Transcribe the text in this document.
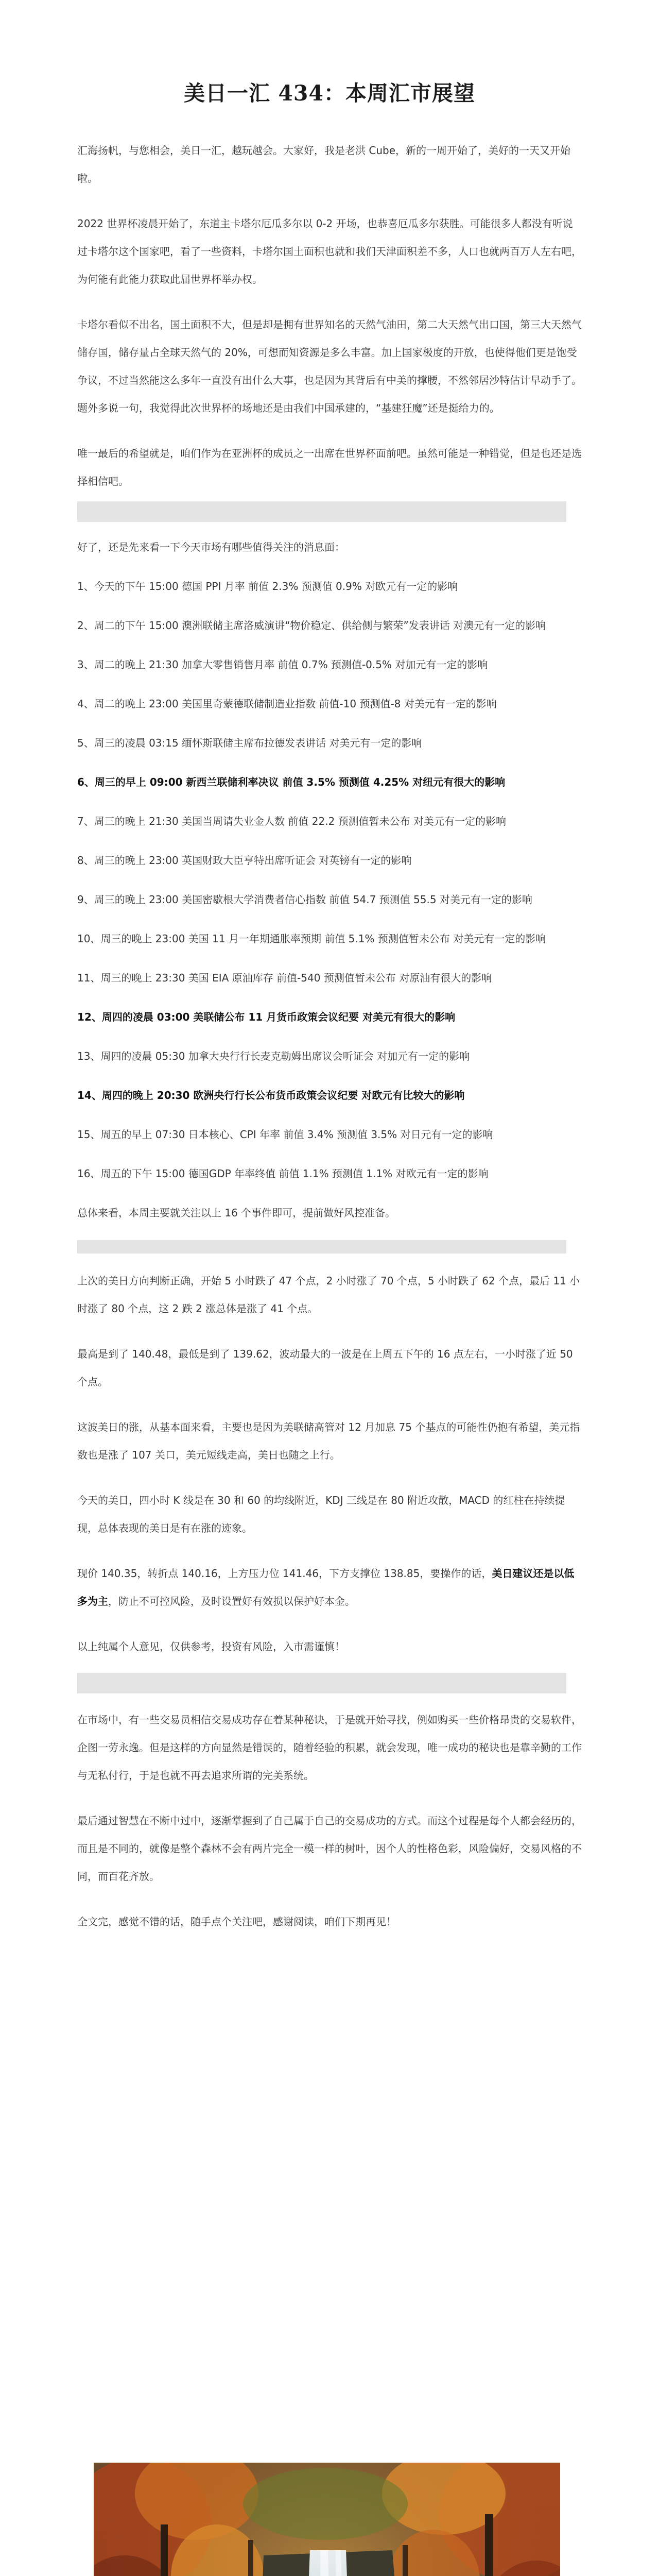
美日一汇 434：本周汇市展望

汇海扬帆，与您相会，美日一汇，越玩越会。大家好，我是老洪 Cube，新的一周开始了，美好的一天又开始啦。

2022 世界杯凌晨开始了，东道主卡塔尔厄瓜多尔以 0-2 开场，也恭喜厄瓜多尔获胜。可能很多人都没有听说过卡塔尔这个国家吧，看了一些资料，卡塔尔国土面积也就和我们天津面积差不多，人口也就两百万人左右吧，为何能有此能力获取此届世界杯举办权。

卡塔尔看似不出名，国土面积不大，但是却是拥有世界知名的天然气油田，第二大天然气出口国，第三大天然气储存国，储存量占全球天然气的 20%，可想而知资源是多么丰富。加上国家极度的开放，也使得他们更是饱受争议，不过当然能这么多年一直没有出什么大事，也是因为其背后有中美的撑腰，不然邻居沙特估计早动手了。题外多说一句，我觉得此次世界杯的场地还是由我们中国承建的，“基建狂魔”还是挺给力的。

唯一最后的希望就是，咱们作为在亚洲杯的成员之一出席在世界杯面前吧。虽然可能是一种错觉，但是也还是选择相信吧。

好了，还是先来看一下今天市场有哪些值得关注的消息面：

1、今天的下午 15:00 德国 PPI 月率 前值 2.3% 预测值 0.9% 对欧元有一定的影响

2、周二的下午 15:00 澳洲联储主席洛威演讲“物价稳定、供给侧与繁荣”发表讲话 对澳元有一定的影响

3、周二的晚上 21:30 加拿大零售销售月率 前值 0.7% 预测值-0.5% 对加元有一定的影响

4、周二的晚上 23:00 美国里奇蒙德联储制造业指数 前值-10 预测值-8 对美元有一定的影响

5、周三的凌晨 03:15 缅怀斯联储主席布拉德发表讲话 对美元有一定的影响

6、周三的早上 09:00 新西兰联储利率决议 前值 3.5% 预测值 4.25% 对纽元有很大的影响

7、周三的晚上 21:30 美国当周请失业金人数 前值 22.2 预测值暂未公布 对美元有一定的影响

8、周三的晚上 23:00 英国财政大臣亨特出席听证会 对英镑有一定的影响

9、周三的晚上 23:00 美国密歇根大学消费者信心指数 前值 54.7 预测值 55.5 对美元有一定的影响

10、周三的晚上 23:00 美国 11 月一年期通胀率预期 前值 5.1% 预测值暂未公布 对美元有一定的影响

11、周三的晚上 23:30 美国 EIA 原油库存 前值-540 预测值暂未公布 对原油有很大的影响

12、周四的凌晨 03:00 美联储公布 11 月货币政策会议纪要 对美元有很大的影响

13、周四的凌晨 05:30 加拿大央行行长麦克勒姆出席议会听证会 对加元有一定的影响

14、周四的晚上 20:30 欧洲央行行长公布货币政策会议纪要 对欧元有比较大的影响

15、周五的早上 07:30 日本核心、CPI 年率 前值 3.4% 预测值 3.5% 对日元有一定的影响

16、周五的下午 15:00 德国GDP 年率终值 前值 1.1% 预测值 1.1% 对欧元有一定的影响

总体来看，本周主要就关注以上 16 个事件即可，提前做好风控准备。

上次的美日方向判断正确，开始 5 小时跌了 47 个点，2 小时涨了 70 个点，5 小时跌了 62 个点，最后 11 小时涨了 80 个点，这 2 跌 2 涨总体是涨了 41 个点。

最高是到了 140.48，最低是到了 139.62，波动最大的一波是在上周五下午的 16 点左右，一小时涨了近 50 个点。

这波美日的涨，从基本面来看，主要也是因为美联储高管对 12 月加息 75 个基点的可能性仍抱有希望，美元指数也是涨了 107 关口，美元短线走高，美日也随之上行。

今天的美日，四小时 K 线是在 30 和 60 的均线附近，KDJ 三线是在 80 附近攻散，MACD 的红柱在持续提现，总体表现的美日是有在涨的迹象。

现价 140.35，转折点 140.16，上方压力位 141.46，下方支撑位 138.85，要操作的话，美日建议还是以低多为主，防止不可控风险，及时设置好有效损以保护好本金。

以上纯属个人意见，仅供参考，投资有风险，入市需谨慎！

在市场中，有一些交易员相信交易成功存在着某种秘诀，于是就开始寻找，例如购买一些价格昂贵的交易软件，企图一劳永逸。但是这样的方向显然是错误的，随着经验的积累，就会发现，唯一成功的秘诀也是靠辛勤的工作与无私付行，于是也就不再去追求所谓的完美系统。

最后通过智慧在不断中过中，逐渐掌握到了自己属于自己的交易成功的方式。而这个过程是每个人都会经历的，而且是不同的，就像是整个森林不会有两片完全一模一样的树叶，因个人的性格色彩，风险偏好，交易风格的不同，而百花齐放。

全文完，感觉不错的话，随手点个关注吧，感谢阅读，咱们下期再见！
